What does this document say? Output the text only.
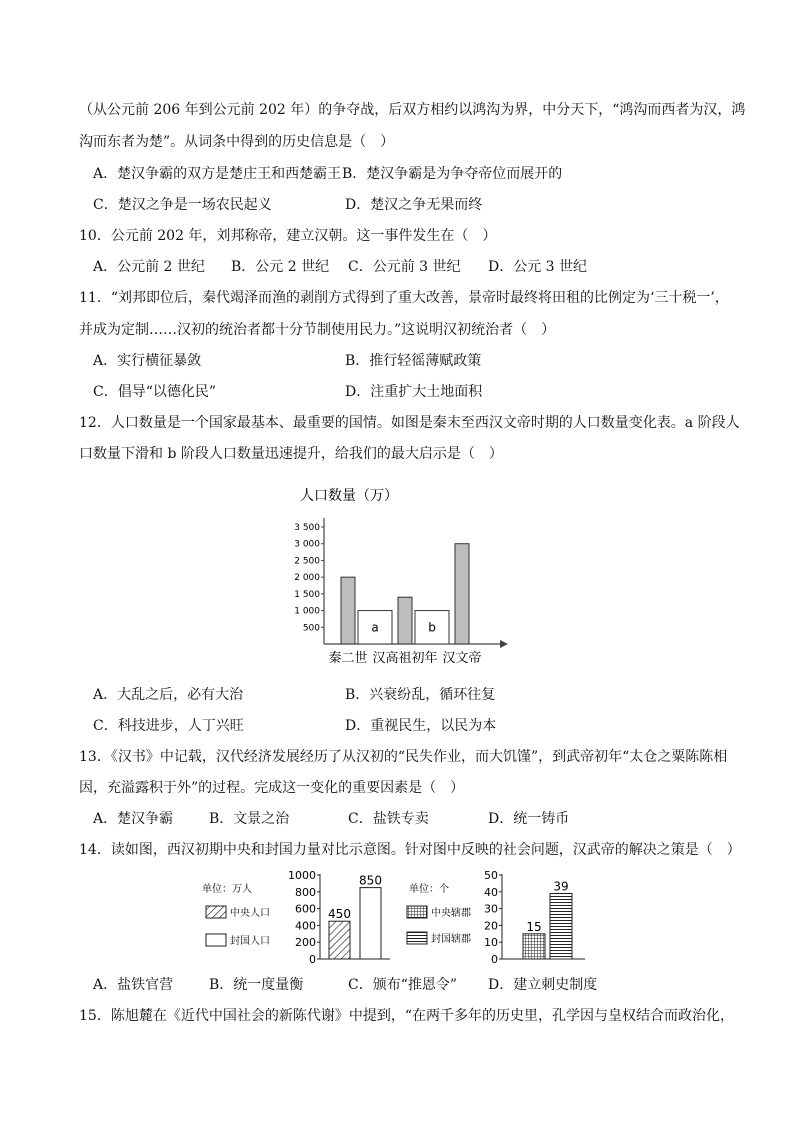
（从公元前 206 年到公元前 202 年）的争夺战，后双方相约以鸿沟为界，中分天下，“鸿沟而西者为汉，鸿
沟而东者为楚”。从词条中得到的历史信息是（　）
A．楚汉争霸的双方是楚庄王和西楚霸王 B．楚汉争霸是为争夺帝位而展开的
C．楚汉之争是一场农民起义	D．楚汉之争无果而终
10．公元前 202 年，刘邦称帝，建立汉朝。这一事件发生在（　）
A．公元前 2 世纪 B．公元 2 世纪 C．公元前 3 世纪 D．公元 3 世纪
11．“刘邦即位后，秦代竭泽而渔的剥削方式得到了重大改善，景帝时最终将田租的比例定为‘三十税一’，
并成为定制……汉初的统治者都十分节制使用民力。”这说明汉初统治者（　）
A．实行横征暴敛	B．推行轻徭薄赋政策
C．倡导“以德化民”	D．注重扩大土地面积
12．人口数量是一个国家最基本、最重要的国情。如图是秦末至西汉文帝时期的人口数量变化表。a 阶段人
口数量下滑和 b 阶段人口数量迅速提升，给我们的最大启示是（　）
人口数量（万）
500
1 000
1 500
2 000
2 500
3 000
3 500
a	b
秦二世 汉高祖初年 汉文帝
A．大乱之后，必有大治	B．兴衰纷乱，循环往复
C．科技进步，人丁兴旺	D．重视民生，以民为本
13．《汉书》中记载，汉代经济发展经历了从汉初的“民失作业，而大饥馑”，到武帝初年“太仓之粟陈陈相
因，充溢露积于外”的过程。完成这一变化的重要因素是（　）
A．楚汉争霸	B．文景之治	C．盐铁专卖	D．统一铸币
14．读如图，西汉初期中央和封国力量对比示意图。针对图中反映的社会问题，汉武帝的解决之策是（　）
单位：万人
中央人口
封国人口
0
200
400
600
800
1000
450
850
单位：个
中央辖郡
封国辖郡
0
10
20
30
40
50
15
39
A．盐铁官营	B．统一度量衡	C．颁布“推恩令” D．建立刺史制度
15．陈旭麓在《近代中国社会的新陈代谢》中提到，“在两千多年的历史里，孔学因与皇权结合而政治化，
